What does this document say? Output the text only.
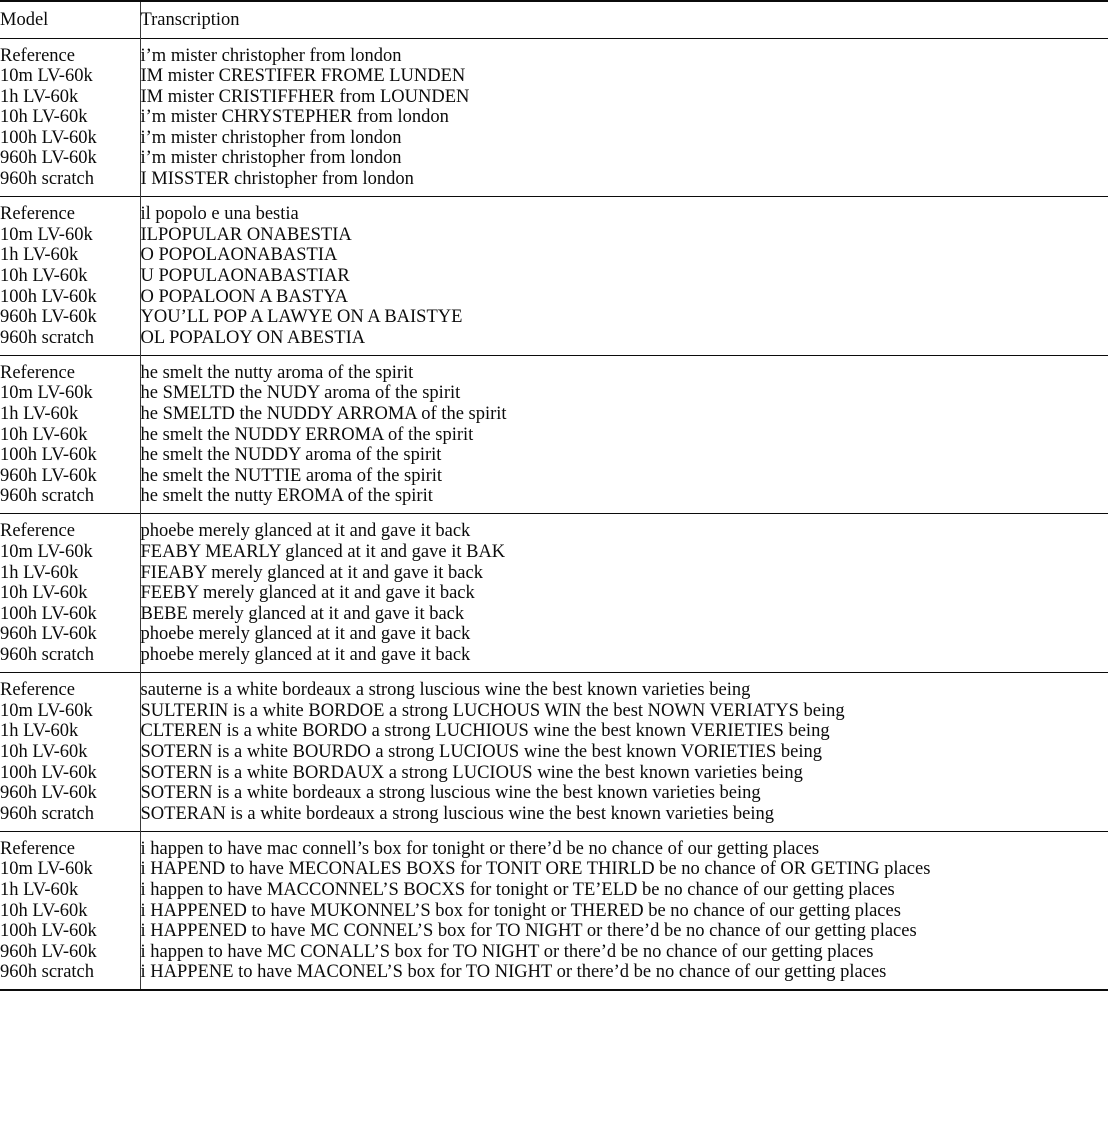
Model	Transcription

Reference	i’m mister christopher from london
10m LV-60k	IM mister CRESTIFER FROME LUNDEN
1h LV-60k	IM mister CRISTIFFHER from LOUNDEN
10h LV-60k	i’m mister CHRYSTEPHER from london
100h LV-60k	i’m mister christopher from london
960h LV-60k	i’m mister christopher from london
960h scratch	I MISSTER christopher from london

Reference	il popolo e una bestia
10m LV-60k	ILPOPULAR ONABESTIA
1h LV-60k	O POPOLAONABASTIA
10h LV-60k	U POPULAONABASTIAR
100h LV-60k	O POPALOON A BASTYA
960h LV-60k	YOU’LL POP A LAWYE ON A BAISTYE
960h scratch	OL POPALOY ON ABESTIA

Reference	he smelt the nutty aroma of the spirit
10m LV-60k	he SMELTD the NUDY aroma of the spirit
1h LV-60k	he SMELTD the NUDDY ARROMA of the spirit
10h LV-60k	he smelt the NUDDY ERROMA of the spirit
100h LV-60k	he smelt the NUDDY aroma of the spirit
960h LV-60k	he smelt the NUTTIE aroma of the spirit
960h scratch	he smelt the nutty EROMA of the spirit

Reference	phoebe merely glanced at it and gave it back
10m LV-60k	FEABY MEARLY glanced at it and gave it BAK
1h LV-60k	FIEABY merely glanced at it and gave it back
10h LV-60k	FEEBY merely glanced at it and gave it back
100h LV-60k	BEBE merely glanced at it and gave it back
960h LV-60k	phoebe merely glanced at it and gave it back
960h scratch	phoebe merely glanced at it and gave it back

Reference	sauterne is a white bordeaux a strong luscious wine the best known varieties being
10m LV-60k	SULTERIN is a white BORDOE a strong LUCHOUS WIN the best NOWN VERIATYS being
1h LV-60k	CLTEREN is a white BORDO a strong LUCHIOUS wine the best known VERIETIES being
10h LV-60k	SOTERN is a white BOURDO a strong LUCIOUS wine the best known VORIETIES being
100h LV-60k	SOTERN is a white BORDAUX a strong LUCIOUS wine the best known varieties being
960h LV-60k	SOTERN is a white bordeaux a strong luscious wine the best known varieties being
960h scratch	SOTERAN is a white bordeaux a strong luscious wine the best known varieties being

Reference	i happen to have mac connell’s box for tonight or there’d be no chance of our getting places
10m LV-60k	i HAPEND to have MECONALES BOXS for TONIT ORE THIRLD be no chance of OR GETING places
1h LV-60k	i happen to have MACCONNEL’S BOCXS for tonight or TE’ELD be no chance of our getting places
10h LV-60k	i HAPPENED to have MUKONNEL’S box for tonight or THERED be no chance of our getting places
100h LV-60k	i HAPPENED to have MC CONNEL’S box for TO NIGHT or there’d be no chance of our getting places
960h LV-60k	i happen to have MC CONALL’S box for TO NIGHT or there’d be no chance of our getting places
960h scratch	i HAPPENE to have MACONEL’S box for TO NIGHT or there’d be no chance of our getting places
